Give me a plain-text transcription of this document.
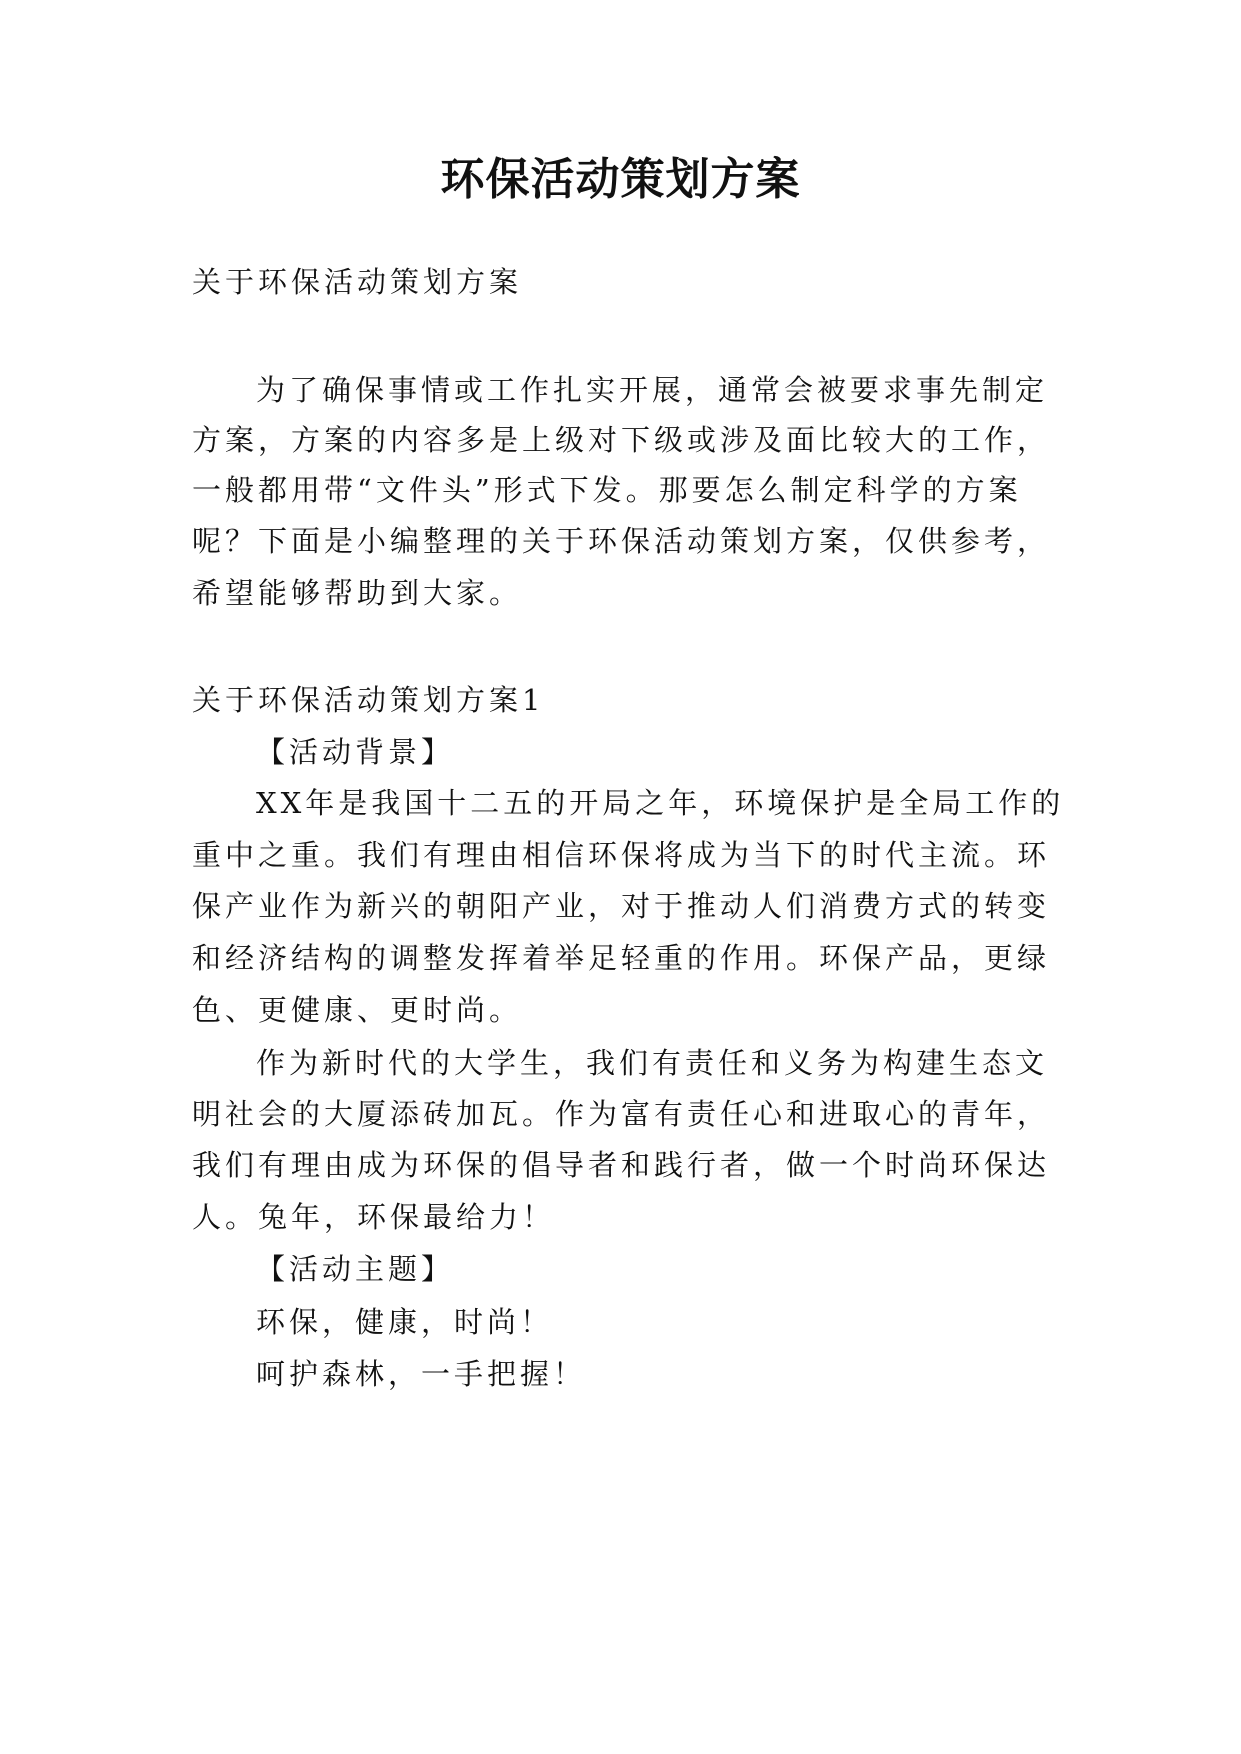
环保活动策划方案
关于环保活动策划方案
为了确保事情或工作扎实开展，通常会被要求事先制定
方案，方案的内容多是上级对下级或涉及面比较大的工作，
一般都用带“文件头”形式下发。那要怎么制定科学的方案
呢？下面是小编整理的关于环保活动策划方案，仅供参考，
希望能够帮助到大家。
关于环保活动策划方案1
【活动背景】
XX年是我国十二五的开局之年，环境保护是全局工作的
重中之重。我们有理由相信环保将成为当下的时代主流。环
保产业作为新兴的朝阳产业，对于推动人们消费方式的转变
和经济结构的调整发挥着举足轻重的作用。环保产品，更绿
色、更健康、更时尚。
作为新时代的大学生，我们有责任和义务为构建生态文
明社会的大厦添砖加瓦。作为富有责任心和进取心的青年，
我们有理由成为环保的倡导者和践行者，做一个时尚环保达
人。兔年，环保最给力！
【活动主题】
环保，健康，时尚！
呵护森林，一手把握！
